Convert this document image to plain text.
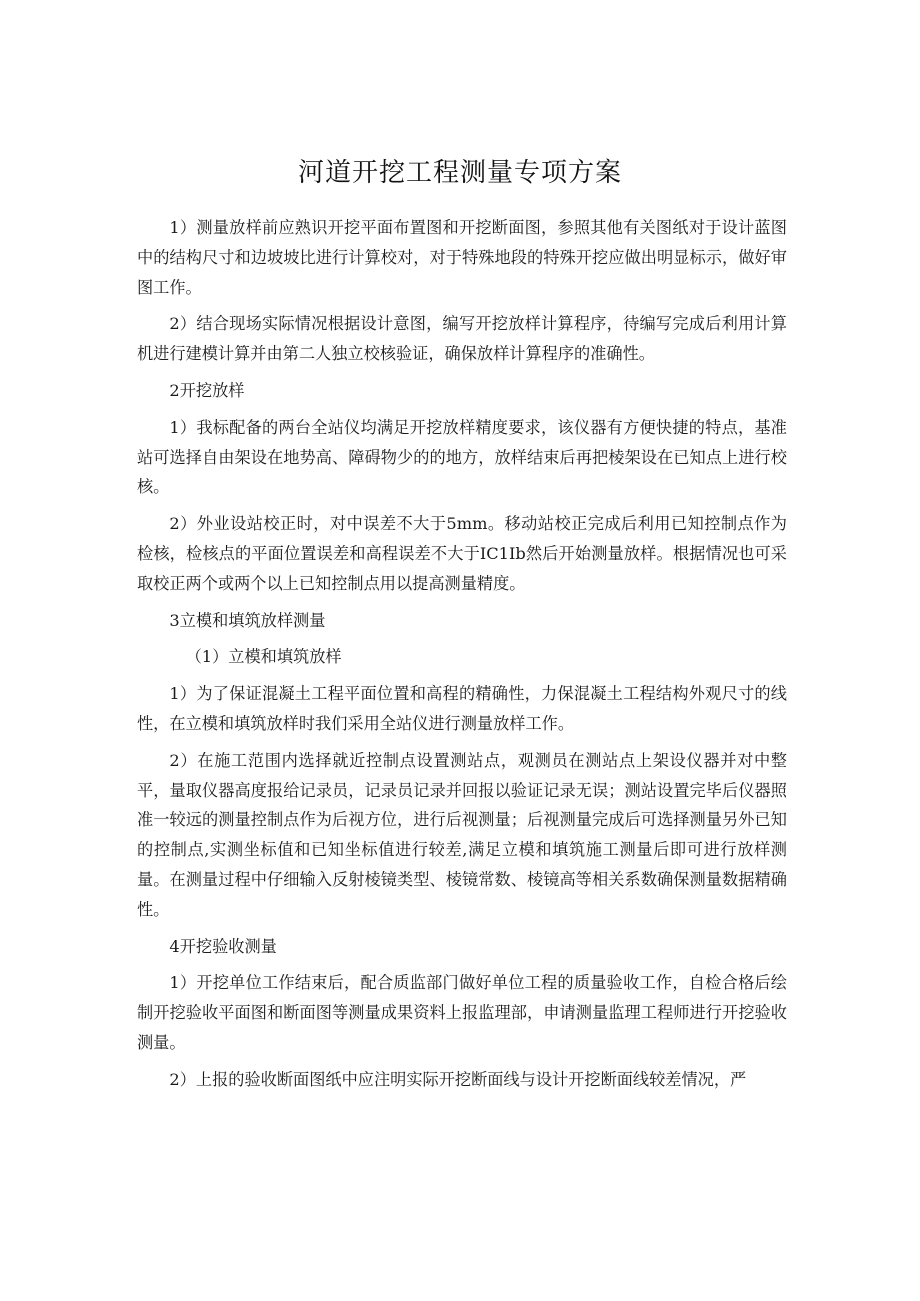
河道开挖工程测量专项方案

1）测量放样前应熟识开挖平面布置图和开挖断面图，参照其他有关图纸对于设计蓝图中的结构尺寸和边坡坡比进行计算校对，对于特殊地段的特殊开挖应做出明显标示，做好审图工作。

2）结合现场实际情况根据设计意图，编写开挖放样计算程序，待编写完成后利用计算机进行建模计算并由第二人独立校核验证，确保放样计算程序的准确性。

2开挖放样

1）我标配备的两台全站仪均满足开挖放样精度要求，该仪器有方便快捷的特点，基准站可选择自由架设在地势高、障碍物少的的地方，放样结束后再把棱架设在已知点上进行校核。

2）外业设站校正时，对中误差不大于5mm。移动站校正完成后利用已知控制点作为检核，检核点的平面位置误差和高程误差不大于IC1Ib然后开始测量放样。根据情况也可采取校正两个或两个以上已知控制点用以提高测量精度。

3立模和填筑放样测量

（1）立模和填筑放样

1）为了保证混凝土工程平面位置和高程的精确性，力保混凝土工程结构外观尺寸的线性，在立模和填筑放样时我们采用全站仪进行测量放样工作。

2）在施工范围内选择就近控制点设置测站点，观测员在测站点上架设仪器并对中整平，量取仪器高度报给记录员，记录员记录并回报以验证记录无误；测站设置完毕后仪器照准一较远的测量控制点作为后视方位，进行后视测量；后视测量完成后可选择测量另外已知的控制点,实测坐标值和已知坐标值进行较差,满足立模和填筑施工测量后即可进行放样测量。在测量过程中仔细输入反射棱镜类型、棱镜常数、棱镜高等相关系数确保测量数据精确性。

4开挖验收测量

1）开挖单位工作结束后，配合质监部门做好单位工程的质量验收工作，自检合格后绘制开挖验收平面图和断面图等测量成果资料上报监理部，申请测量监理工程师进行开挖验收测量。

2）上报的验收断面图纸中应注明实际开挖断面线与设计开挖断面线较差情况，严
